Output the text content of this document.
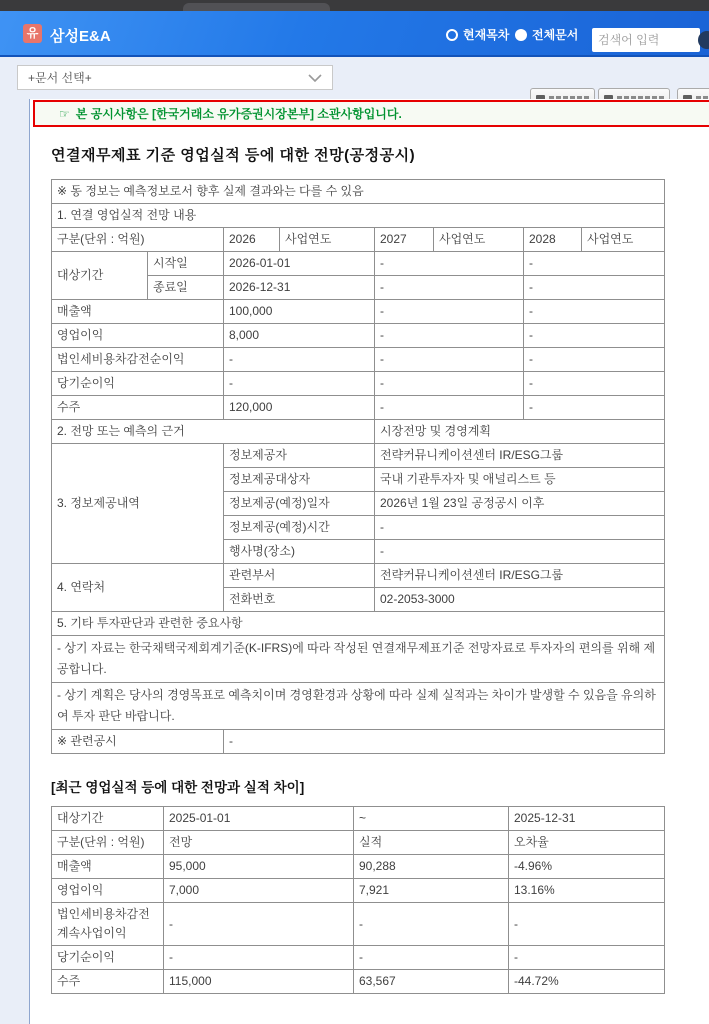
유 삼성E&A	현재목차 전체문서
검색어 입력
+문서 선택+
☞ 본 공시사항은 [한국거래소 유가증권시장본부] 소관사항입니다.
연결재무제표 기준 영업실적 등에 대한 전망(공정공시)
※ 동 정보는 예측정보로서 향후 실제 결과와는 다를 수 있음							
1. 연결 영업실적 전망 내용							
구분(단위 : 억원)		2026	사업연도	2027	사업연도	2028	사업연도
대상기간	시작일	2026-01-01		-		-	
	종료일	2026-12-31		-		-	
매출액		100,000		-		-	
영업이익		8,000		-		-	
법인세비용차감전순이익		-		-		-	
당기순이익		-		-		-	
수주		120,000		-		-	
2. 전망 또는 예측의 근거				시장전망 및 경영계획			
3. 정보제공내역		정보제공자		전략커뮤니케이션센터 IR/ESG그룹			
		정보제공대상자		국내 기관투자자 및 애널리스트 등			
		정보제공(예정)일자		2026년 1월 23일 공정공시 이후			
		정보제공(예정)시간		-			
		행사명(장소)		-			
4. 연락처		관련부서		전략커뮤니케이션센터 IR/ESG그룹			
		전화번호		02-2053-3000			
5. 기타 투자판단과 관련한 중요사항							
- 상기 자료는 한국채택국제회계기준(K-IFRS)에 따라 작성된 연결재무제표기준 전망자료로 투자자의 편의를 위해 제공합니다.							
- 상기 계획은 당사의 경영목표로 예측치이며 경영환경과 상황에 따라 실제 실적과는 차이가 발생할 수 있음을 유의하여 투자 판단 바랍니다.							
※ 관련공시		-					
[최근 영업실적 등에 대한 전망과 실적 차이]
대상기간	2025-01-01	~	2025-12-31
구분(단위 : 억원)	전망	실적	오차율
매출액	95,000	90,288	-4.96%
영업이익	7,000	7,921	13.16%
법인세비용차감전계속사업이익	-	-	-
당기순이익	-	-	-
수주	115,000	63,567	-44.72%
